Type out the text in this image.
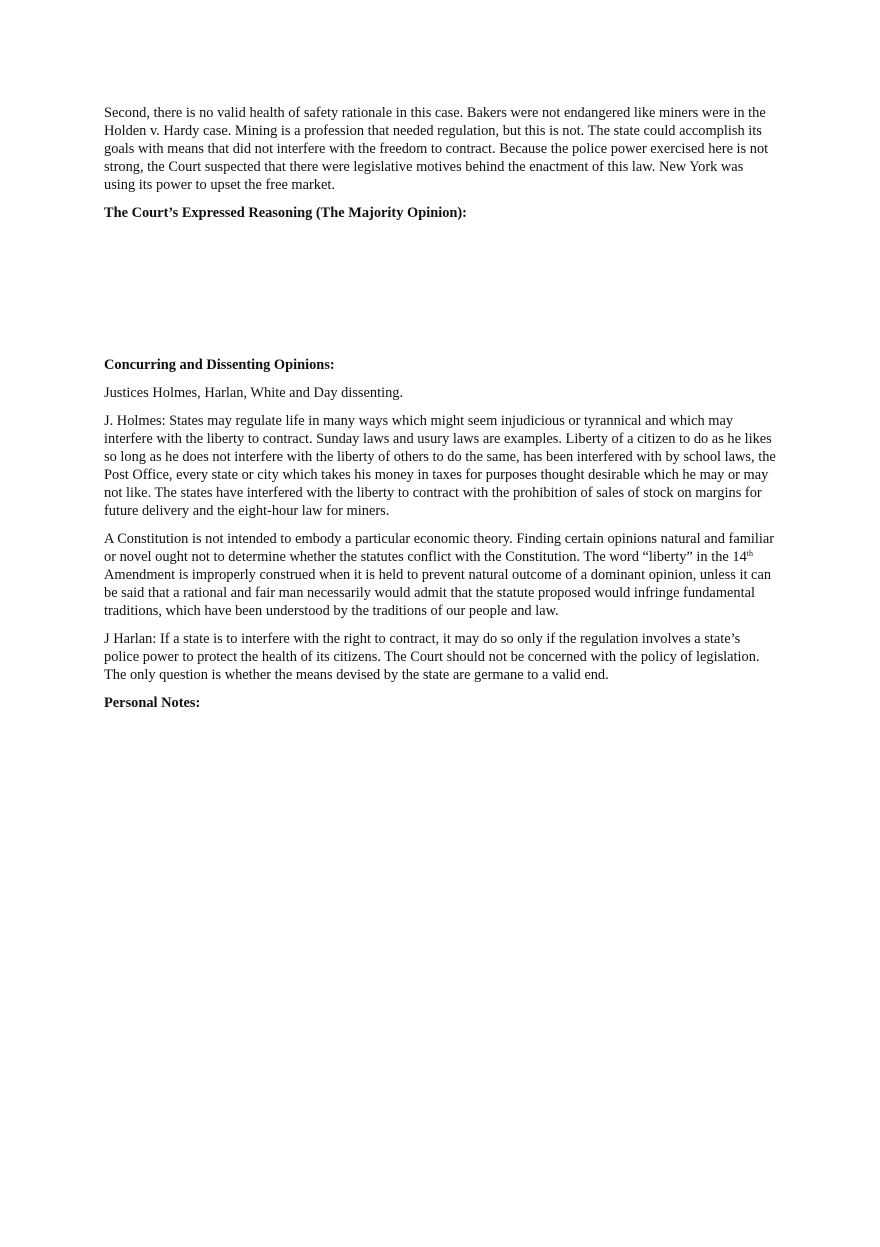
Second, there is no valid health of safety rationale in this case. Bakers were not endangered like miners were in the Holden v. Hardy case. Mining is a profession that needed regulation, but this is not. The state could accomplish its goals with means that did not interfere with the freedom to contract. Because the police power exercised here is not strong, the Court suspected that there were legislative motives behind the enactment of this law. New York was using its power to upset the free market.

The Court’s Expressed Reasoning (The Majority Opinion):

Concurring and Dissenting Opinions:

Justices Holmes, Harlan, White and Day dissenting.

J. Holmes: States may regulate life in many ways which might seem injudicious or tyrannical and which may interfere with the liberty to contract. Sunday laws and usury laws are examples. Liberty of a citizen to do as he likes so long as he does not interfere with the liberty of others to do the same, has been interfered with by school laws, the Post Office, every state or city which takes his money in taxes for purposes thought desirable which he may or may not like. The states have interfered with the liberty to contract with the prohibition of sales of stock on margins for future delivery and the eight-hour law for miners.

A Constitution is not intended to embody a particular economic theory. Finding certain opinions natural and familiar or novel ought not to determine whether the statutes conflict with the Constitution. The word “liberty” in the 14th Amendment is improperly construed when it is held to prevent natural outcome of a dominant opinion, unless it can be said that a rational and fair man necessarily would admit that the statute proposed would infringe fundamental traditions, which have been understood by the traditions of our people and law.

J Harlan: If a state is to interfere with the right to contract, it may do so only if the regulation involves a state’s police power to protect the health of its citizens. The Court should not be concerned with the policy of legislation. The only question is whether the means devised by the state are germane to a valid end.

Personal Notes:
